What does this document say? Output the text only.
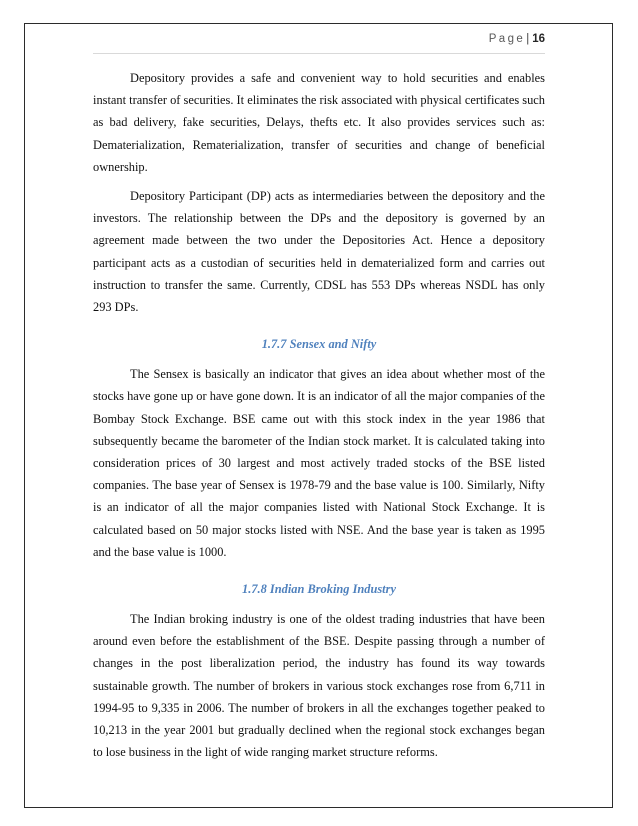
Page| 16

Depository provides a safe and convenient way to hold securities and enables instant transfer of securities. It eliminates the risk associated with physical certificates such as bad delivery, fake securities, Delays, thefts etc. It also provides services such as: Dematerialization, Rematerialization, transfer of securities and change of beneficial ownership.

Depository Participant (DP) acts as intermediaries between the depository and the investors. The relationship between the DPs and the depository is governed by an agreement made between the two under the Depositories Act. Hence a depository participant acts as a custodian of securities held in dematerialized form and carries out instruction to transfer the same. Currently, CDSL has 553 DPs whereas NSDL has only 293 DPs.

1.7.7 Sensex and Nifty

The Sensex is basically an indicator that gives an idea about whether most of the stocks have gone up or have gone down. It is an indicator of all the major companies of the Bombay Stock Exchange. BSE came out with this stock index in the year 1986 that subsequently became the barometer of the Indian stock market. It is calculated taking into consideration prices of 30 largest and most actively traded stocks of the BSE listed companies. The base year of Sensex is 1978-79 and the base value is 100. Similarly, Nifty is an indicator of all the major companies listed with National Stock Exchange. It is calculated based on 50 major stocks listed with NSE. And the base year is taken as 1995 and the base value is 1000.

1.7.8 Indian Broking Industry

The Indian broking industry is one of the oldest trading industries that have been around even before the establishment of the BSE. Despite passing through a number of changes in the post liberalization period, the industry has found its way towards sustainable growth. The number of brokers in various stock exchanges rose from 6,711 in 1994-95 to 9,335 in 2006. The number of brokers in all the exchanges together peaked to 10,213 in the year 2001 but gradually declined when the regional stock exchanges began to lose business in the light of wide ranging market structure reforms.
